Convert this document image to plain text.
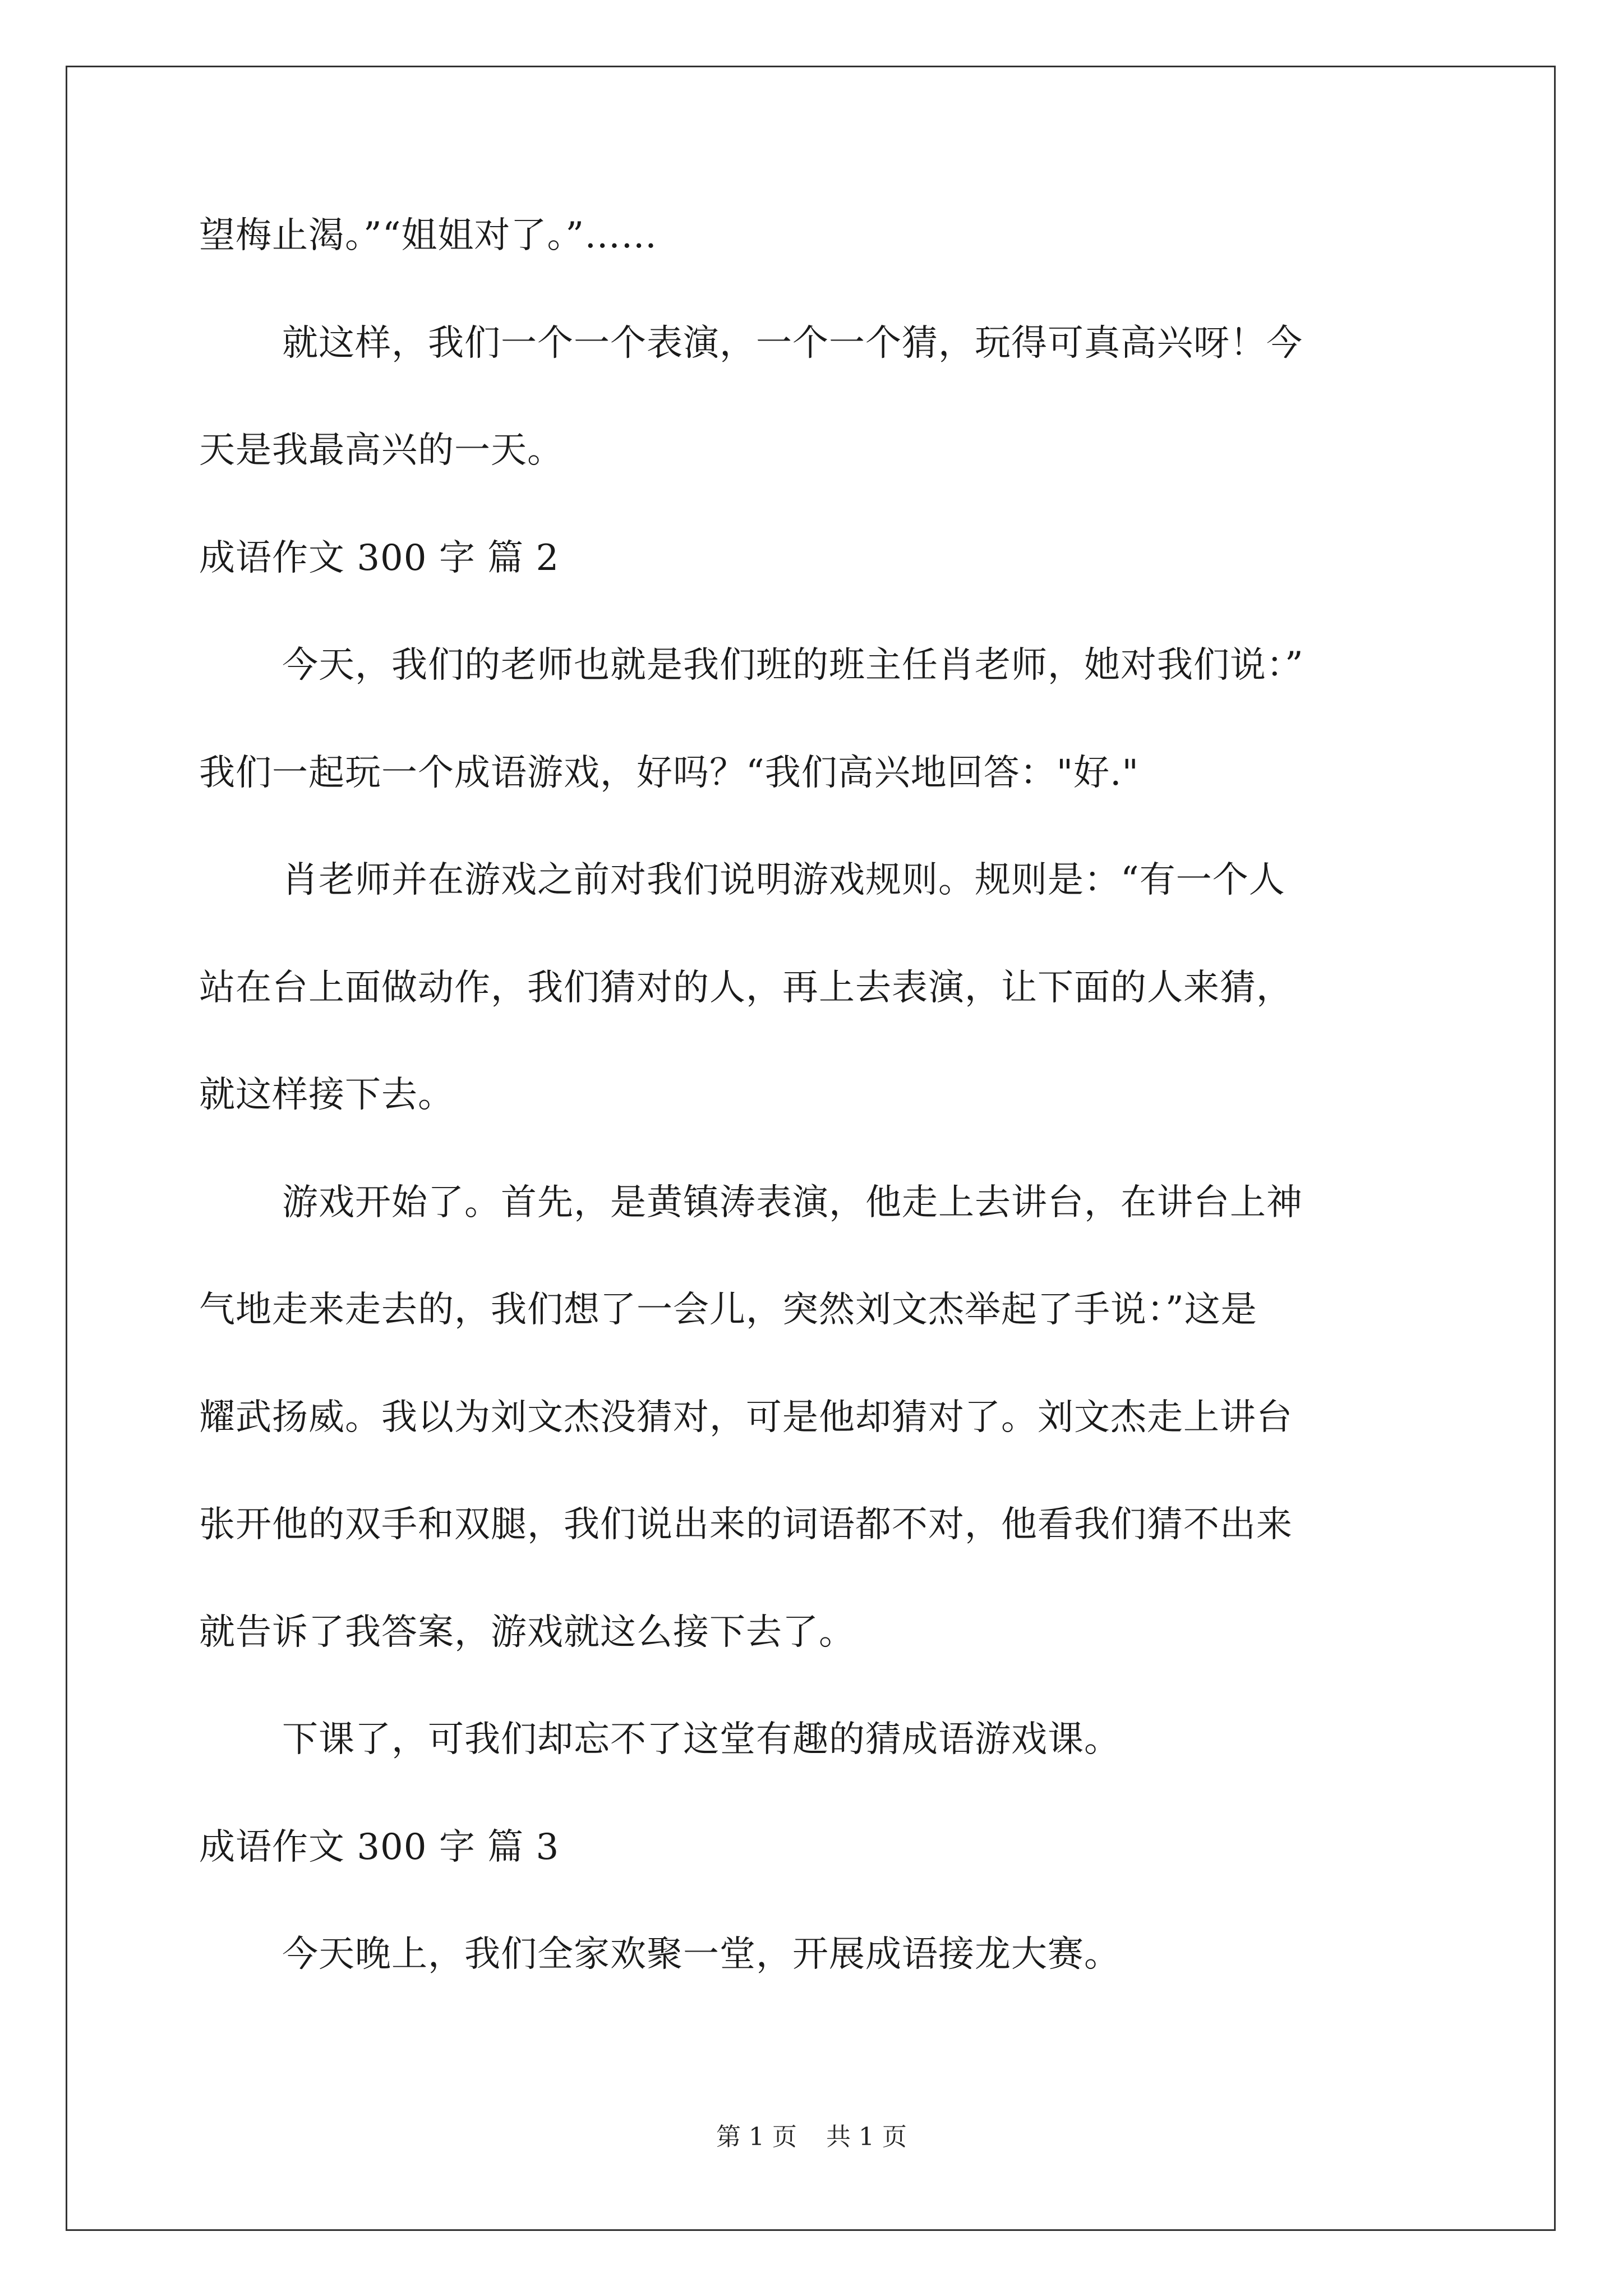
望梅止渴。”“姐姐对了。”……
就这样，我们一个一个表演，一个一个猜，玩得可真高兴呀！今
天是我最高兴的一天。
成语作文 300 字 篇 2
今天，我们的老师也就是我们班的班主任肖老师，她对我们说：”
我们一起玩一个成语游戏，好吗？“我们高兴地回答："好."
肖老师并在游戏之前对我们说明游戏规则。规则是：“有一个人
站在台上面做动作，我们猜对的人，再上去表演，让下面的人来猜，
就这样接下去。
游戏开始了。首先，是黄镇涛表演，他走上去讲台，在讲台上神
气地走来走去的，我们想了一会儿，突然刘文杰举起了手说：”这是
耀武扬威。我以为刘文杰没猜对，可是他却猜对了。刘文杰走上讲台
张开他的双手和双腿，我们说出来的词语都不对，他看我们猜不出来
就告诉了我答案，游戏就这么接下去了。
下课了，可我们却忘不了这堂有趣的猜成语游戏课。
成语作文 300 字 篇 3
今天晚上，我们全家欢聚一堂，开展成语接龙大赛。
第 1 页 共 1 页
